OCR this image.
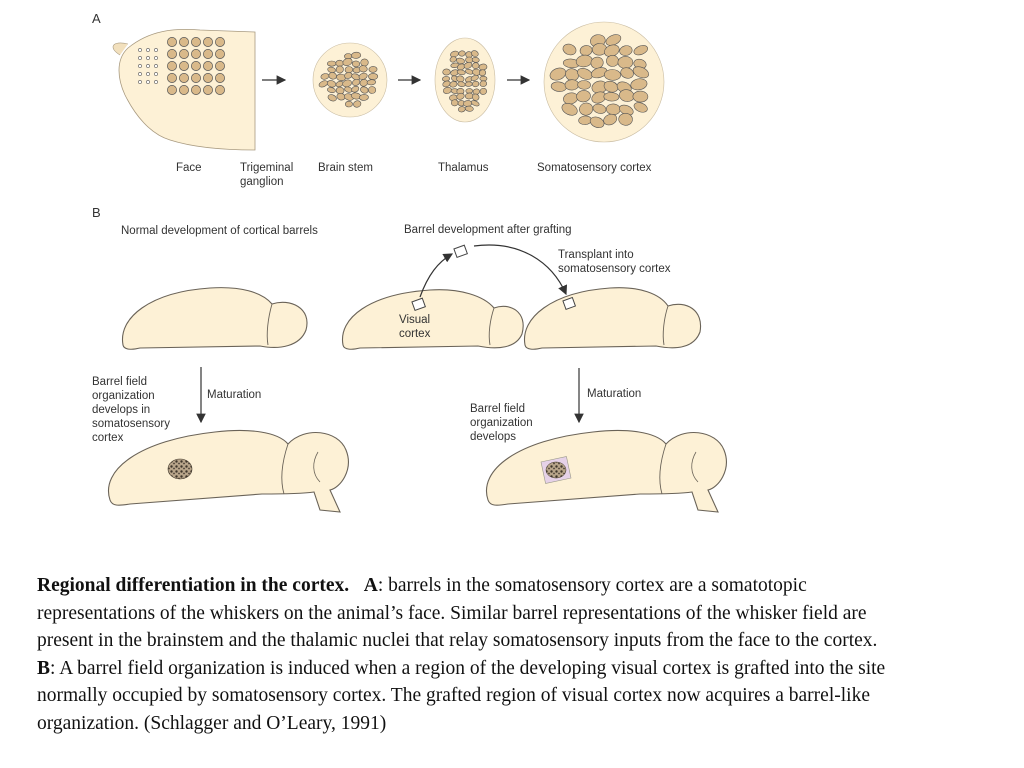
A
Face	Trigeminal
ganglion
Brain stem	Thalamus	Somatosensory cortex
B
Normal development of cortical barrels	Barrel development after grafting
Transplant into
somatosensory cortex
Visual
cortex
Maturation	Maturation
Barrel field
organization
develops in
somatosensory
cortex
Barrel field
organization
develops
Regional differentiation in the cortex. A: barrels in the somatosensory cortex are a somatotopic representations of the whiskers on the animal’s face. Similar barrel representations of the whisker field are present in the brainstem and the thalamic nuclei that relay somatosensory inputs from the face to the cortex. B: A barrel field organization is induced when a region of the developing visual cortex is grafted into the site normally occupied by somatosensory cortex. The grafted region of visual cortex now acquires a barrel-like organization. (Schlagger and O’Leary, 1991)
